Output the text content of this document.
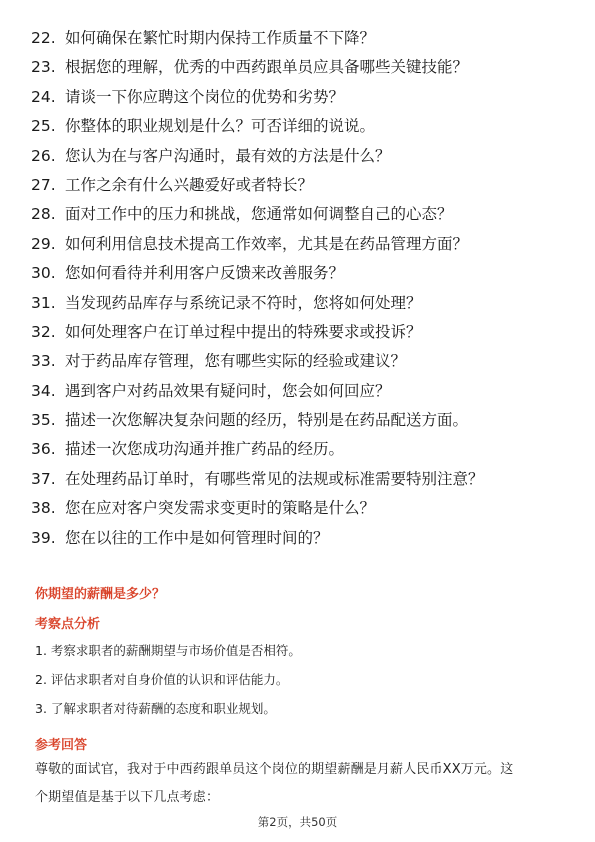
22. 如何确保在繁忙时期内保持工作质量不下降？
23. 根据您的理解，优秀的中西药跟单员应具备哪些关键技能？
24. 请谈一下你应聘这个岗位的优势和劣势？
25. 你整体的职业规划是什么？可否详细的说说。
26. 您认为在与客户沟通时，最有效的方法是什么？
27. 工作之余有什么兴趣爱好或者特长？
28. 面对工作中的压力和挑战，您通常如何调整自己的心态？
29. 如何利用信息技术提高工作效率，尤其是在药品管理方面？
30. 您如何看待并利用客户反馈来改善服务？
31. 当发现药品库存与系统记录不符时，您将如何处理？
32. 如何处理客户在订单过程中提出的特殊要求或投诉？
33. 对于药品库存管理，您有哪些实际的经验或建议？
34. 遇到客户对药品效果有疑问时，您会如何回应？
35. 描述一次您解决复杂问题的经历，特别是在药品配送方面。
36. 描述一次您成功沟通并推广药品的经历。
37. 在处理药品订单时，有哪些常见的法规或标准需要特别注意？
38. 您在应对客户突发需求变更时的策略是什么？
39. 您在以往的工作中是如何管理时间的？
你期望的薪酬是多少？
考察点分析
1. 考察求职者的薪酬期望与市场价值是否相符。
2. 评估求职者对自身价值的认识和评估能力。
3. 了解求职者对待薪酬的态度和职业规划。
参考回答

尊敬的面试官，我对于中西药跟单员这个岗位的期望薪酬是月薪人民币XX万元。这
个期望值是基于以下几点考虑：

第2页，共50页
